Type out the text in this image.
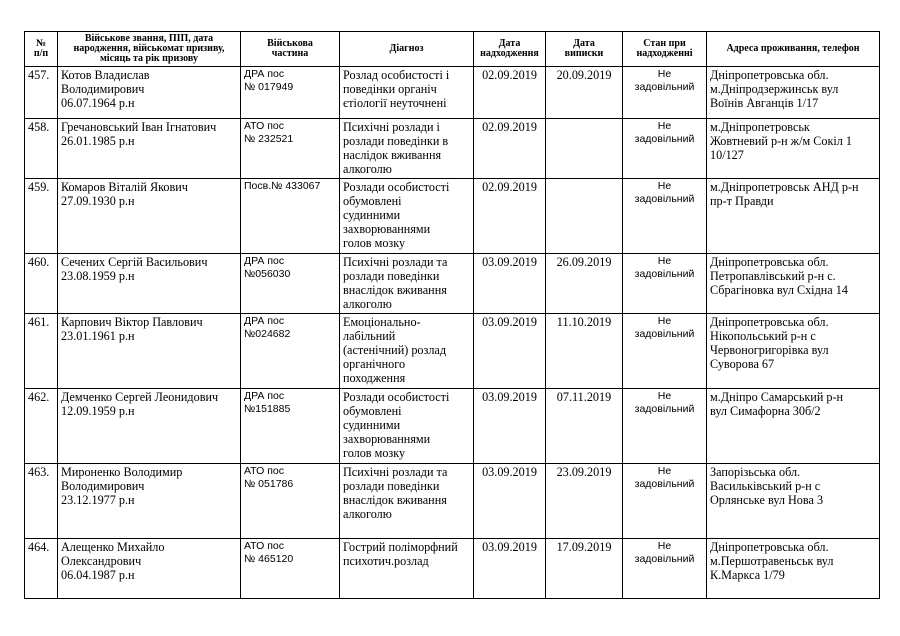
№
п/п	Військове звання, ПІП, дата
народження, військомат призиву,
місяць та рік призову	Військова
частина	Діагноз	Дата
надходження	Дата
виписки	Стан при
надходженні	Адреса проживання, телефон

457.	Котов Владислав
Володимирович
06.07.1964 р.н	ДРА пос
№ 017949	Розлад особистості і
поведінки органіч
єтіології неуточнені	02.09.2019	20.09.2019	Не
задовільний	Дніпропетровська обл.
м.Дніпродзержинськ вул
Воїнів Авганців 1/17

458.	Гречановський Іван Ігнатович
26.01.1985 р.н	АТО пос
№ 232521	Психічні розлади і
розлади поведінки в
наслідок вживання
алкоголю	02.09.2019		Не
задовільний	м.Дніпропетровськ
Жовтневий р-н ж/м Сокіл 1
10/127

459.	Комаров Віталій Якович
27.09.1930 р.н	Посв.№ 433067	Розлади особистості
обумовлені
судинними
захворюваннями
голов мозку	02.09.2019		Не
задовільний	м.Дніпропетровськ АНД р-н
пр-т Правди

460.	Сечених Сергій Васильович
23.08.1959 р.н	ДРА пос
№056030	Психічні розлади та
розлади поведінки
внаслідок вживання
алкоголю	03.09.2019	26.09.2019	Не
задовільний	Дніпропетровська обл.
Петропавлівський р-н с.
Сбрагіновка вул Східна 14

461.	Карпович Віктор Павлович
23.01.1961 р.н	ДРА пос
№024682	Емоціонально-
лабільний
(астенічний) розлад
органічного
походження	03.09.2019	11.10.2019	Не
задовільний	Дніпропетровська обл.
Нікопольський р-н с
Червоногригорівка вул
Суворова 67

462.	Демченко Сергей Леонидович
12.09.1959 р.н	ДРА пос
№151885	Розлади особистості
обумовлені
судинними
захворюваннями
голов мозку	03.09.2019	07.11.2019	Не
задовільний	м.Дніпро Самарський р-н
вул Симафорна 30б/2

463.	Мироненко Володимир
Володимирович
23.12.1977 р.н	АТО пос
№ 051786	Психічні розлади та
розлади поведінки
внаслідок вживання
алкоголю	03.09.2019	23.09.2019	Не
задовільний	Запорізьська обл.
Васильківський р-н с
Орлянське вул Нова 3

464.	Алещенко Михайло
Олександрович
06.04.1987 р.н	АТО пос
№ 465120	Гострий поліморфний
психотич.розлад	03.09.2019	17.09.2019	Не
задовільний	Дніпропетровська обл.
м.Першотравеньськ вул
К.Маркса 1/79
